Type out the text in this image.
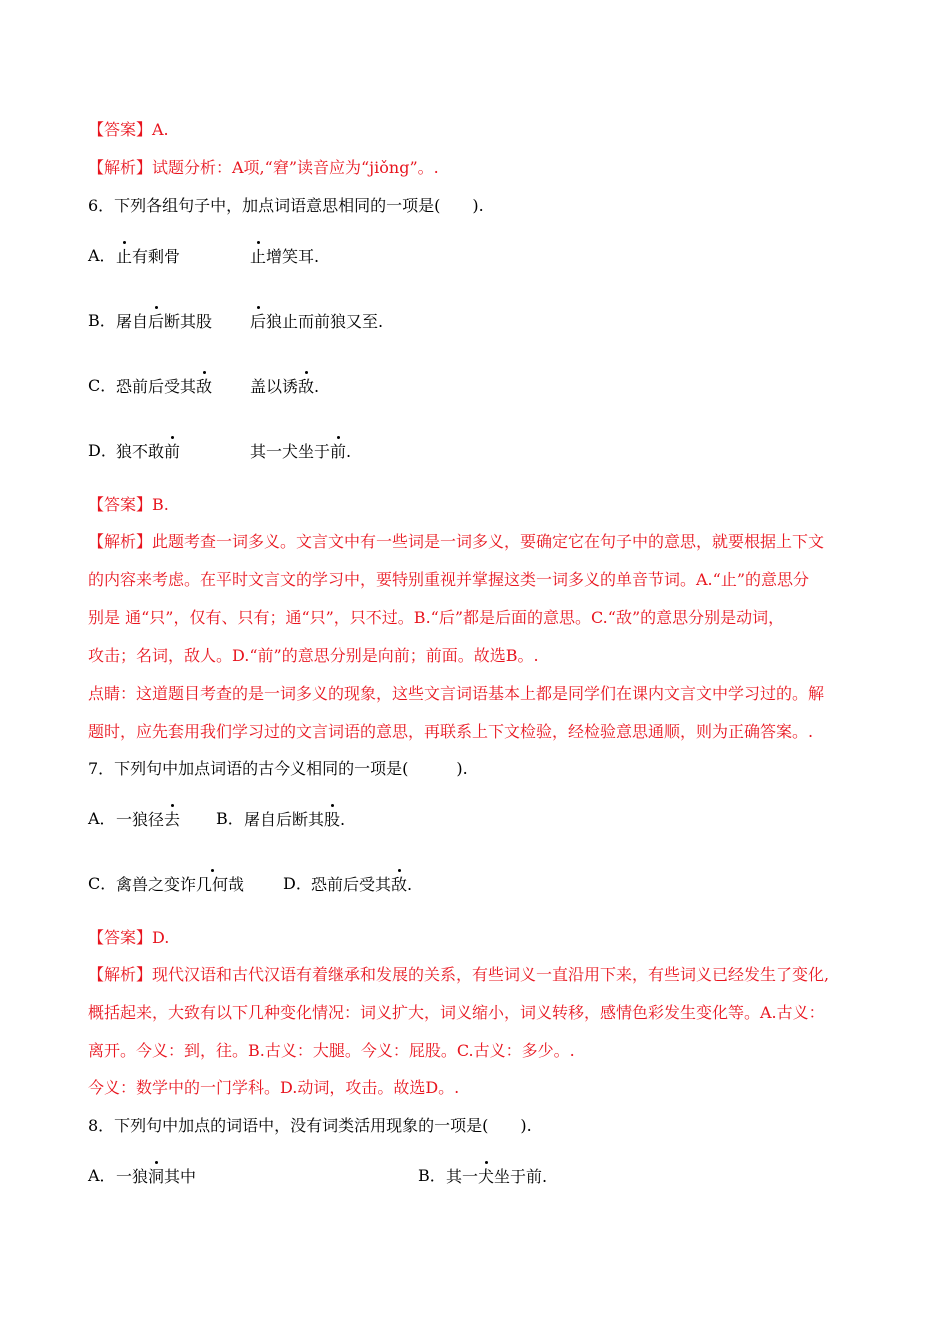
【答案】A.
【解析】试题分析：A项,“窘”读音应为“jiǒng”。.
6．下列各组句子中，加点词语意思相同的一项是(　　).
A． 止有剩骨	止增笑耳.
B． 屠自后断其股 后狼止而前狼又至.
C． 恐前后受其敌 盖以诱敌.
D． 狼不敢前	其一犬坐于前.
【答案】B.
【解析】此题考查一词多义。文言文中有一些词是一词多义，要确定它在句子中的意思，就要根据上下文
的内容来考虑。在平时文言文的学习中，要特别重视并掌握这类一词多义的单音节词。A.“止”的意思分
别是 通“只”，仅有、只有；通“只”，只不过。B.“后”都是后面的意思。C.“敌”的意思分别是动词，
攻击；名词，敌人。D.“前”的意思分别是向前；前面。故选B。.
点睛：这道题目考查的是一词多义的现象，这些文言词语基本上都是同学们在课内文言文中学习过的。解
题时，应先套用我们学习过的文言词语的意思，再联系上下文检验，经检验意思通顺，则为正确答案。.
7．下列句中加点词语的古今义相同的一项是(　　　).
A． 一狼径去 B． 屠自后断其股.
C． 禽兽之变诈几何哉 D． 恐前后受其敌.
【答案】D.
【解析】现代汉语和古代汉语有着继承和发展的关系，有些词义一直沿用下来，有些词义已经发生了变化,
概括起来，大致有以下几种变化情况：词义扩大，词义缩小，词义转移，感情色彩发生变化等。A.古义：
离开。今义：到，往。B.古义：大腿。今义：屁股。C.古义：多少。.
今义：数学中的一门学科。D.动词，攻击。故选D。.
8．下列句中加点的词语中，没有词类活用现象的一项是(　　).
A． 一狼洞其中	B． 其一犬坐于前.
